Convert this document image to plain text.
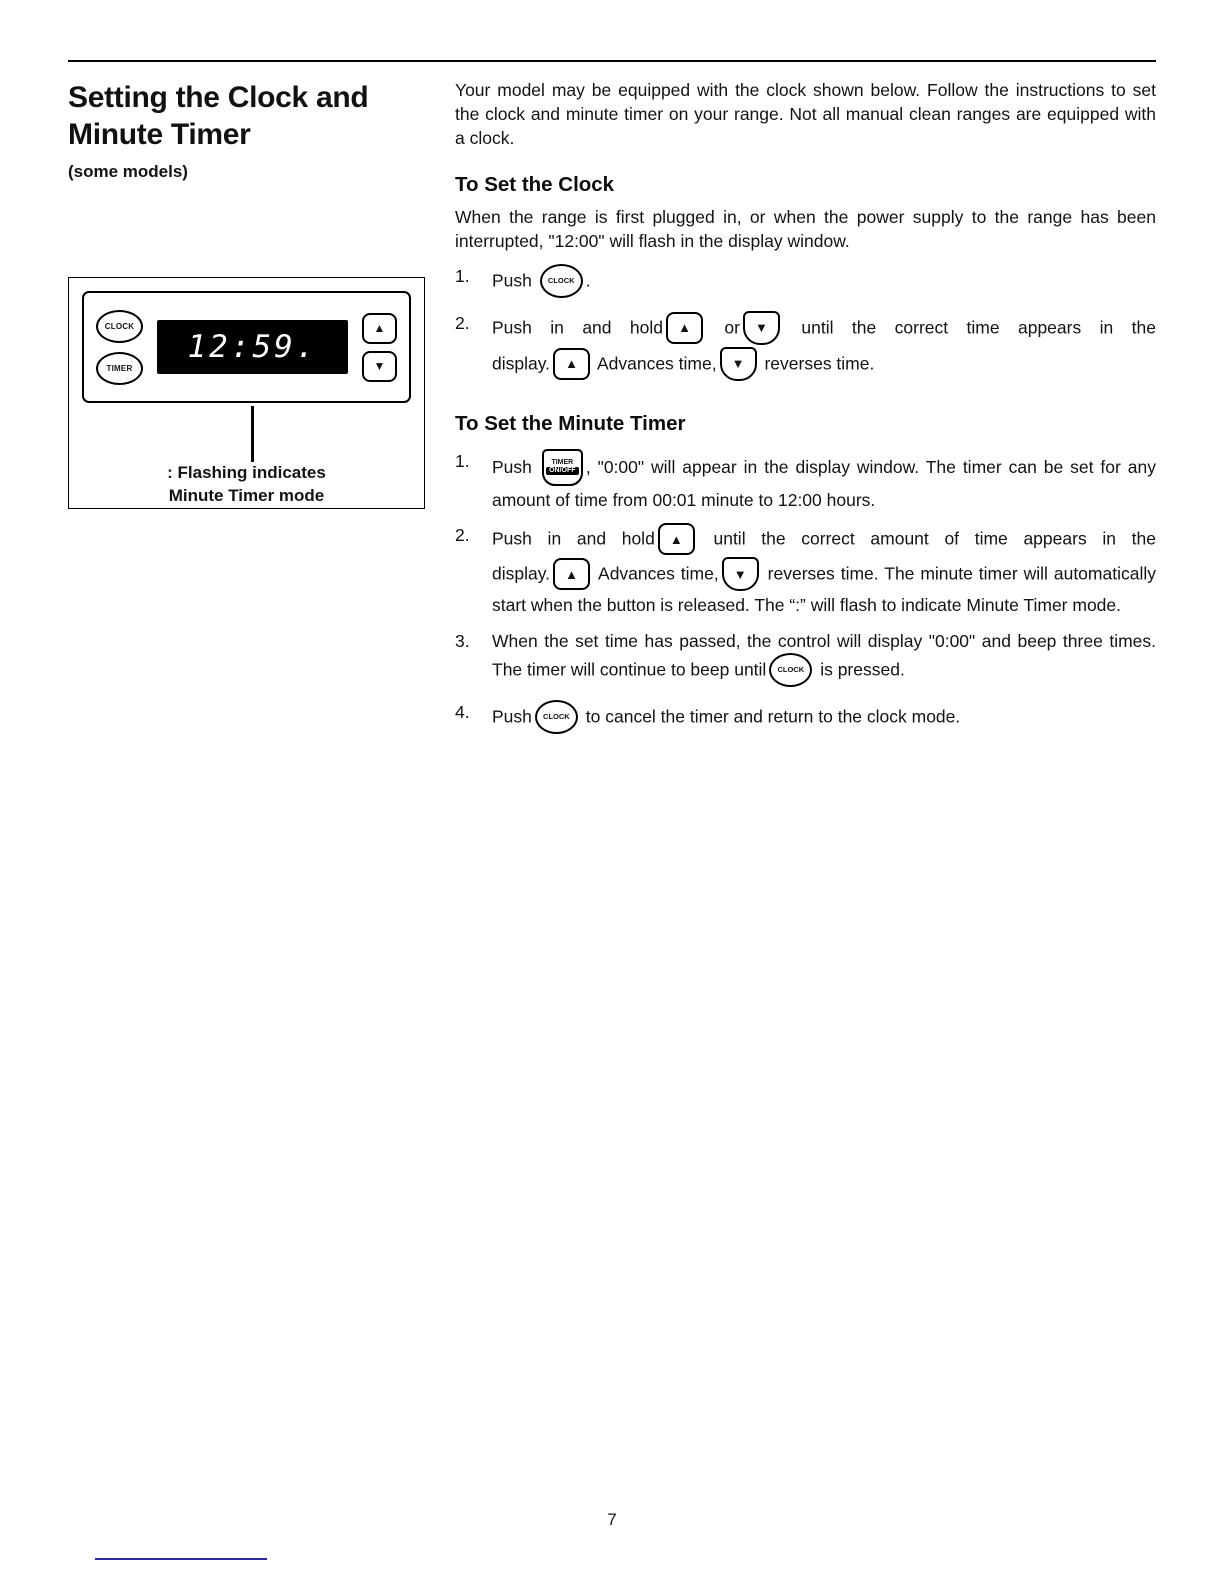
Setting the Clock and
Minute Timer
(some models)
CLOCK
TIMER
12:59.
▲
▼
: Flashing indicates
Minute Timer mode

Your model may be equipped with the clock shown below. Follow the instructions to set the clock and minute timer on your range. Not all manual clean ranges are equipped with a clock.

To Set the Clock

When the range is first plugged in, or when the power supply to the range has been interrupted, "12:00" will flash in the display window.

1.	Push CLOCK .
2.	Push in and hold ▲ or ▼ until the correct time appears in the
display. ▲ Advances time, ▼ reverses time.
To Set the Minute Timer
1.	Push	TIMER
ON/OFF , "0:00" will appear in the display window. The timer can be set for any amount of time from 00:01 minute to 12:00 hours.
2.	Push in and hold ▲ until the correct amount of time appears in the
display. ▲ Advances time, ▼ reverses time. The minute timer will automatically start when the button is released. The “:” will flash to indicate Minute Timer mode.
3.	When the set time has passed, the control will display "0:00" and beep three times. The timer will continue to beep until CLOCK is pressed.
4.	Push CLOCK to cancel the timer and return to the clock mode.
7
